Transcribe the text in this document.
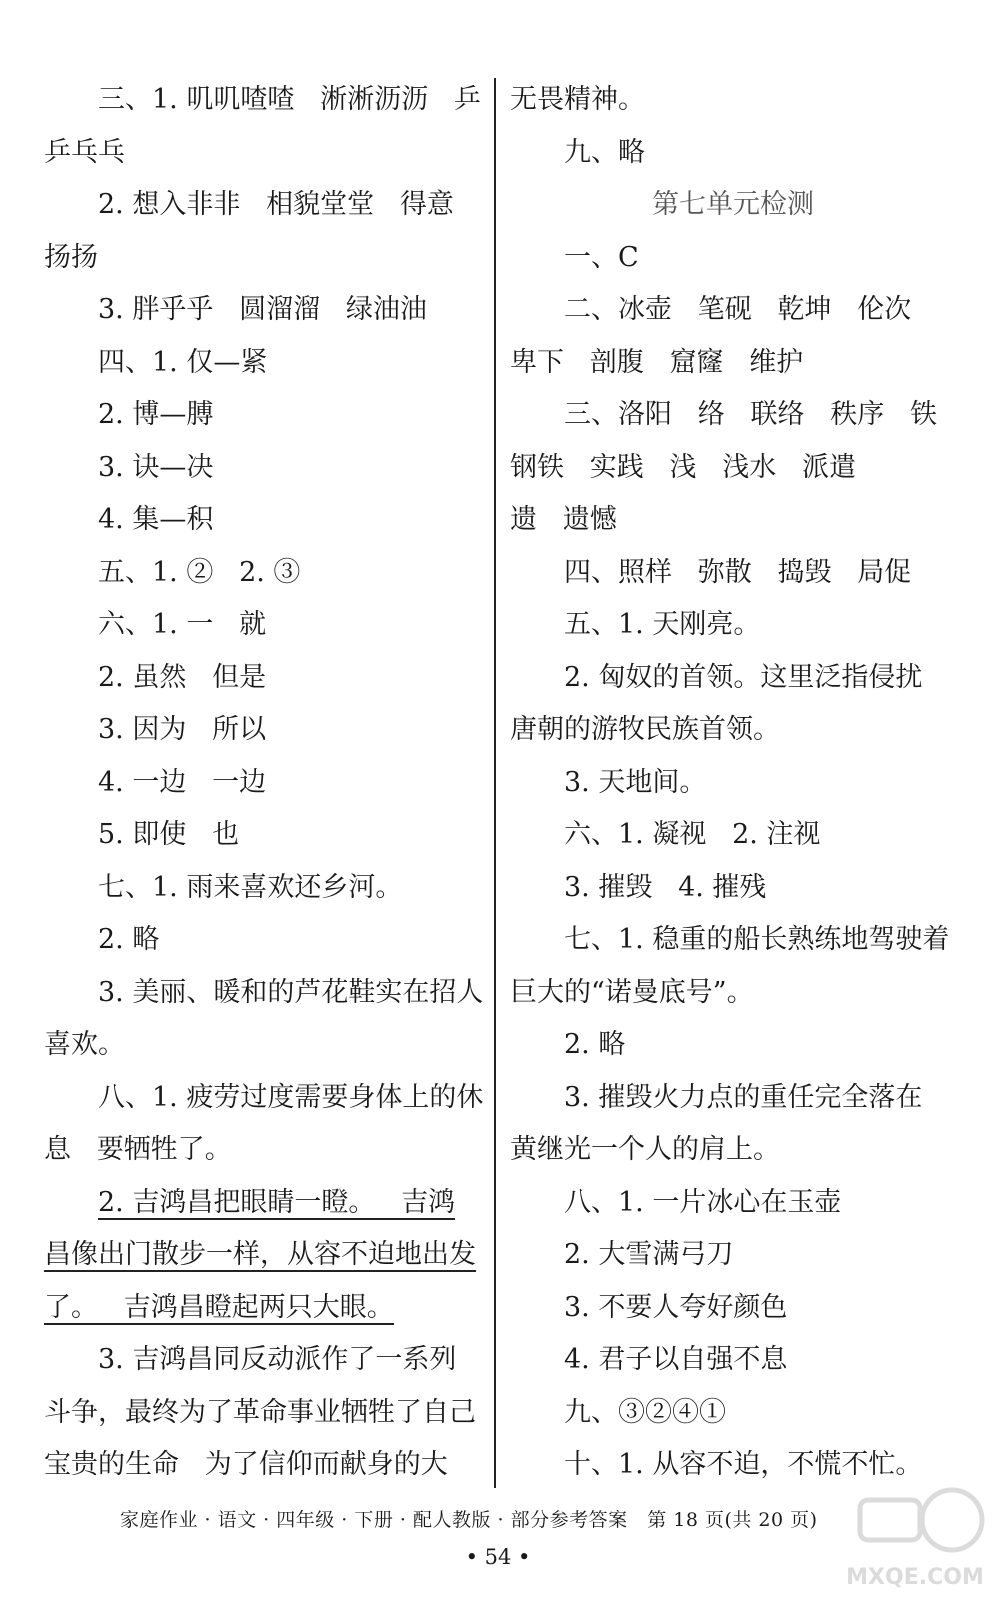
三、1. 叽叽喳喳   淅淅沥沥   乒
乒乓乓
2. 想入非非   相貌堂堂   得意
扬扬
3. 胖乎乎   圆溜溜   绿油油
四、1. 仅—紧
2. 博—膊
3. 诀—决
4. 集—积
五、1. ②   2. ③
六、1. 一   就
2. 虽然   但是
3. 因为   所以
4. 一边   一边
5. 即使   也
七、1. 雨来喜欢还乡河。
2. 略
3. 美丽、暖和的芦花鞋实在招人
喜欢。
八、1. 疲劳过度需要身体上的休
息   要牺牲了。
2. 吉鸿昌把眼睛一瞪。   吉鸿
昌像出门散步一样，从容不迫地出发
了。   吉鸿昌瞪起两只大眼。
3. 吉鸿昌同反动派作了一系列
斗争，最终为了革命事业牺牲了自己
宝贵的生命   为了信仰而献身的大
无畏精神。
九、略
第七单元检测
一、C
二、冰壶   笔砚   乾坤   伦次
卑下   剖腹   窟窿   维护
三、洛阳   络   联络   秩序   铁
钢铁   实践   浅   浅水   派遣
遗   遗憾
四、照样   弥散   捣毁   局促
五、1. 天刚亮。
2. 匈奴的首领。这里泛指侵扰
唐朝的游牧民族首领。
3. 天地间。
六、1. 凝视   2. 注视
3. 摧毁   4. 摧残
七、1. 稳重的船长熟练地驾驶着
巨大的“诺曼底号”。
2. 略
3. 摧毁火力点的重任完全落在
黄继光一个人的肩上。
八、1. 一片冰心在玉壶
2. 大雪满弓刀
3. 不要人夸好颜色
4. 君子以自强不息
九、③②④①
十、1. 从容不迫，不慌不忙。
家庭作业 · 语文 · 四年级 · 下册 · 配人教版 · 部分参考答案   第 18 页(共 20 页)
• 54 •
MXQE.COM
